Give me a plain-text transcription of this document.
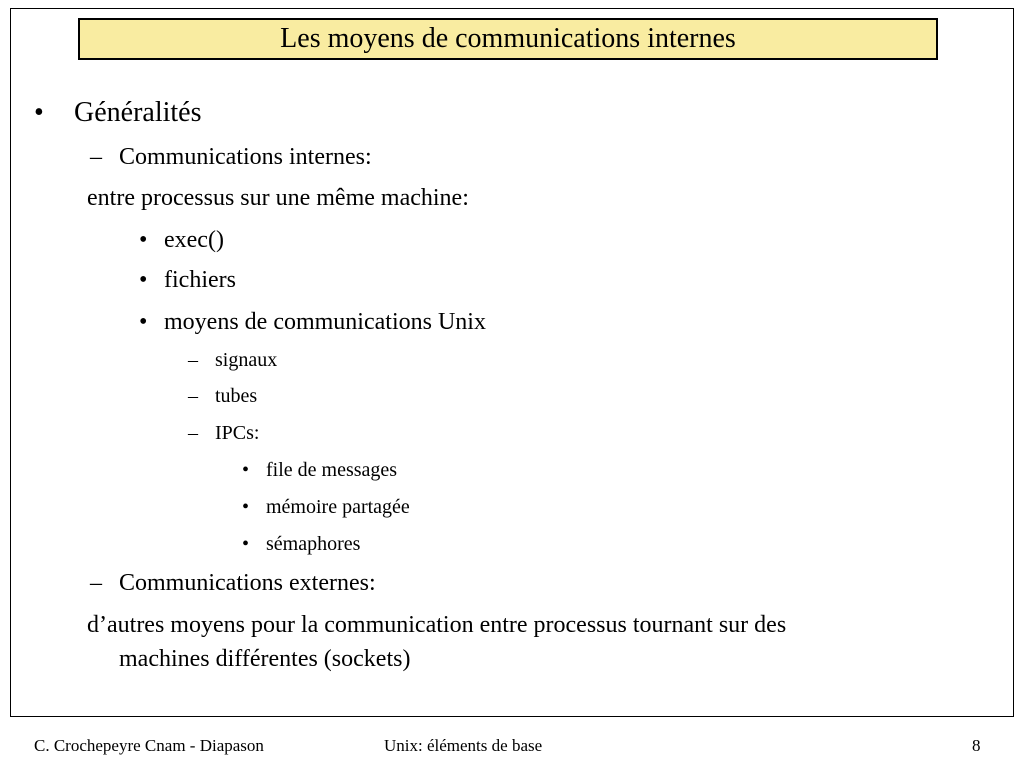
Les moyens de communications internes
• Généralités
– Communications internes:
entre processus sur une même machine:
• exec()
• fichiers
• moyens de communications Unix
– signaux
– tubes
– IPCs:
• file de messages
• mémoire partagée
• sémaphores
– Communications externes:
d’autres moyens pour la communication entre processus tournant sur des
machines différentes (sockets)
C. Crochepeyre Cnam - Diapason	Unix: éléments de base	8
